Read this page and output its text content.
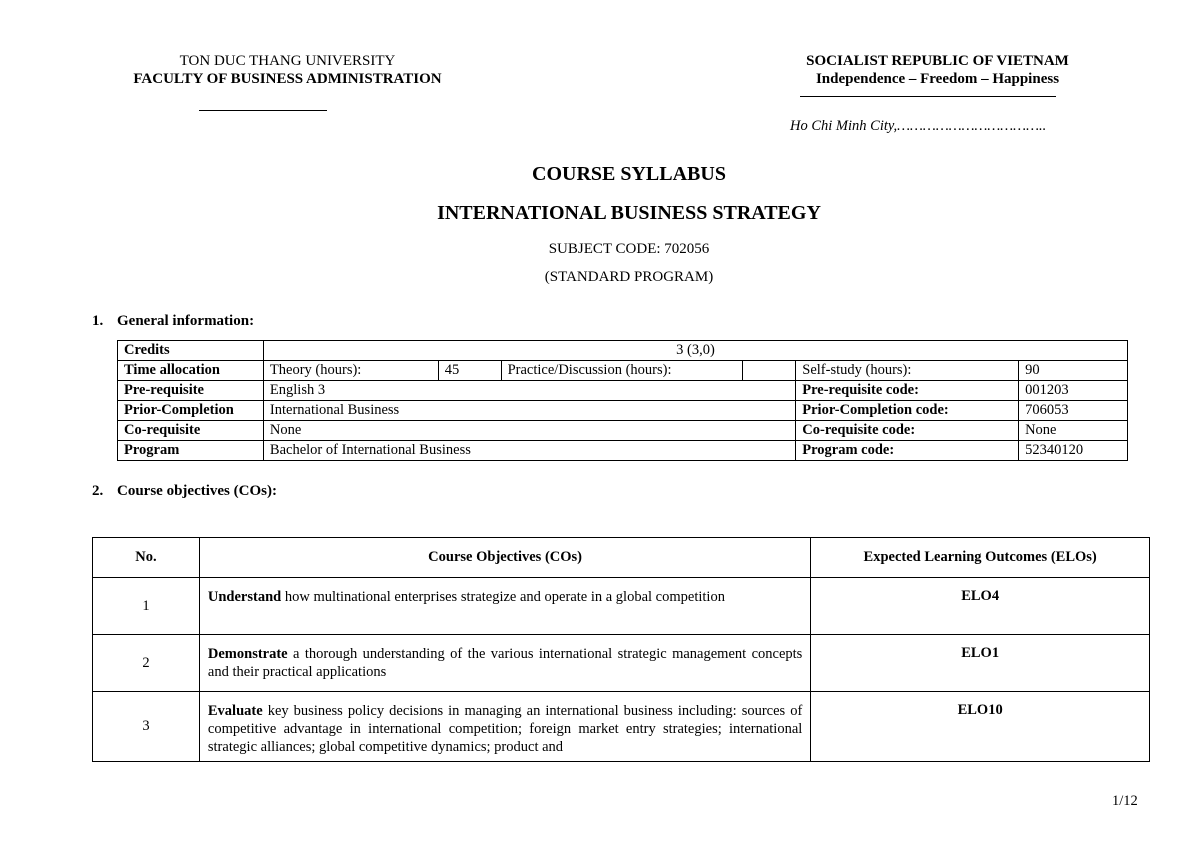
TON DUC THANG UNIVERSITY
FACULTY OF BUSINESS ADMINISTRATION
SOCIALIST REPUBLIC OF VIETNAM
Independence – Freedom – Happiness
Ho Chi Minh City,……………………………..
COURSE SYLLABUS
INTERNATIONAL BUSINESS STRATEGY
SUBJECT CODE: 702056
(STANDARD PROGRAM)
1. General information:
Credits	3 (3,0)					
Time allocation	Theory (hours):	45	Practice/Discussion (hours):		Self-study (hours):	90
Pre-requisite	English 3				Pre-requisite code:	001203
Prior-Completion	International Business				Prior-Completion code:	706053
Co-requisite	None				Co-requisite code:	None
Program	Bachelor of International Business				Program code:	52340120
2. Course objectives (COs):
No.	Course Objectives (COs)	Expected Learning Outcomes (ELOs)
1	Understand how multinational enterprises strategize and operate in a global competition	ELO4
2	Demonstrate a thorough understanding of the various international strategic management concepts and their practical applications	ELO1
3	Evaluate key business policy decisions in managing an international business including: sources of competitive advantage in international competition; foreign market entry strategies; international strategic alliances; global competitive dynamics; product and	ELO10
1/12
